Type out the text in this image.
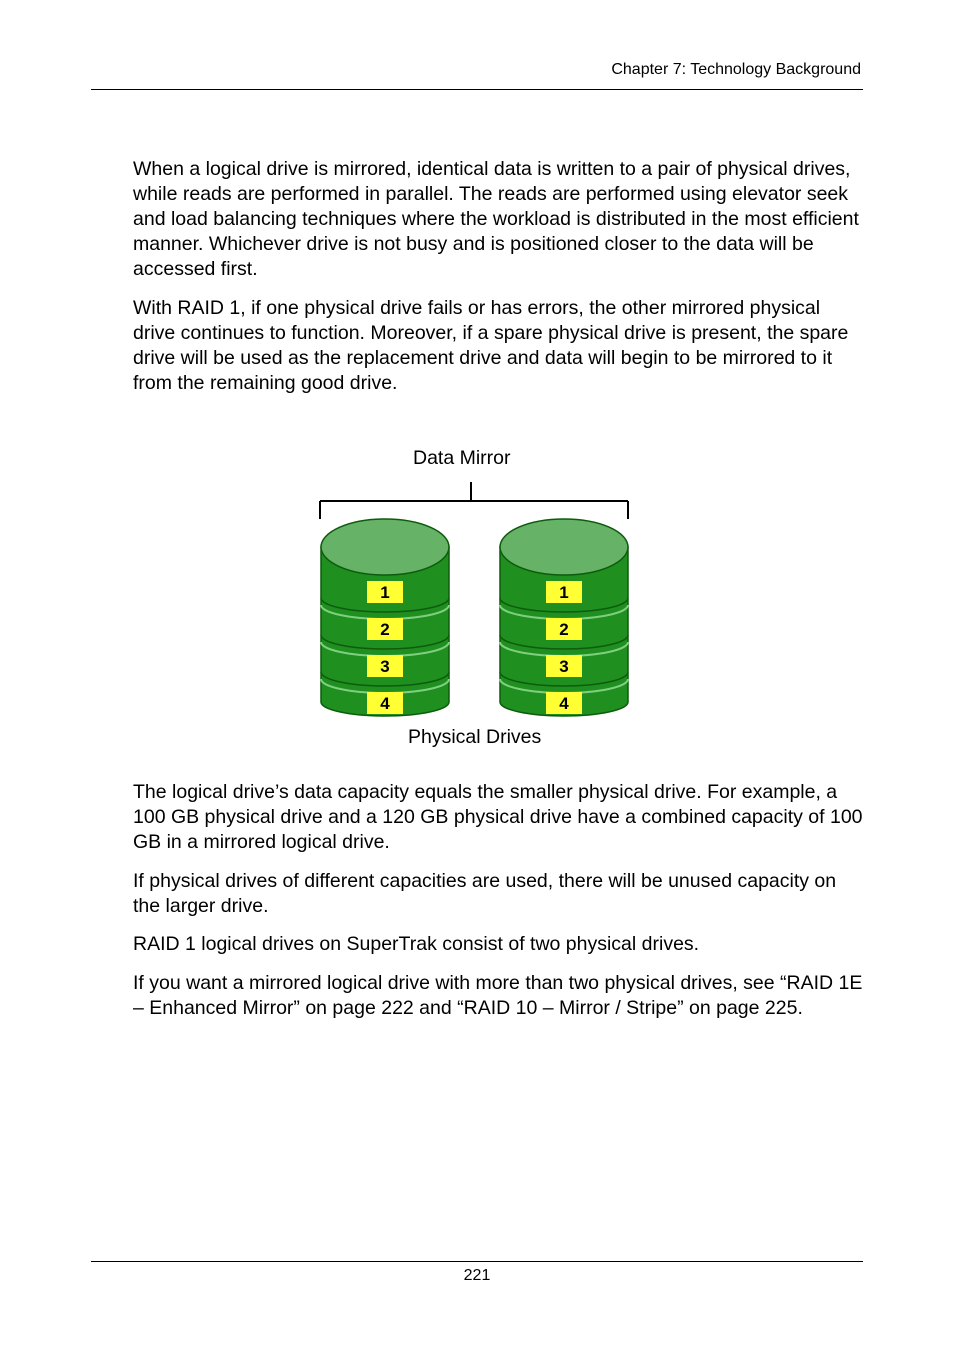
Chapter 7: Technology Background

When a logical drive is mirrored, identical data is written to a pair of physical drives, while reads are performed in parallel. The reads are performed using elevator seek and load balancing techniques where the workload is distributed in the most efficient manner. Whichever drive is not busy and is positioned closer to the data will be accessed first.

With RAID 1, if one physical drive fails or has errors, the other mirrored physical drive continues to function. Moreover, if a spare physical drive is present, the spare drive will be used as the replacement drive and data will begin to be mirrored to it from the remaining good drive.

Data Mirror
1
2
3
4
1
2
3
4
Physical Drives

The logical drive’s data capacity equals the smaller physical drive. For example, a 100 GB physical drive and a 120 GB physical drive have a combined capacity of 100 GB in a mirrored logical drive.

If physical drives of different capacities are used, there will be unused capacity on the larger drive.

RAID 1 logical drives on SuperTrak consist of two physical drives.

If you want a mirrored logical drive with more than two physical drives, see “RAID 1E – Enhanced Mirror” on page 222 and “RAID 10 – Mirror / Stripe” on page 225.

221
